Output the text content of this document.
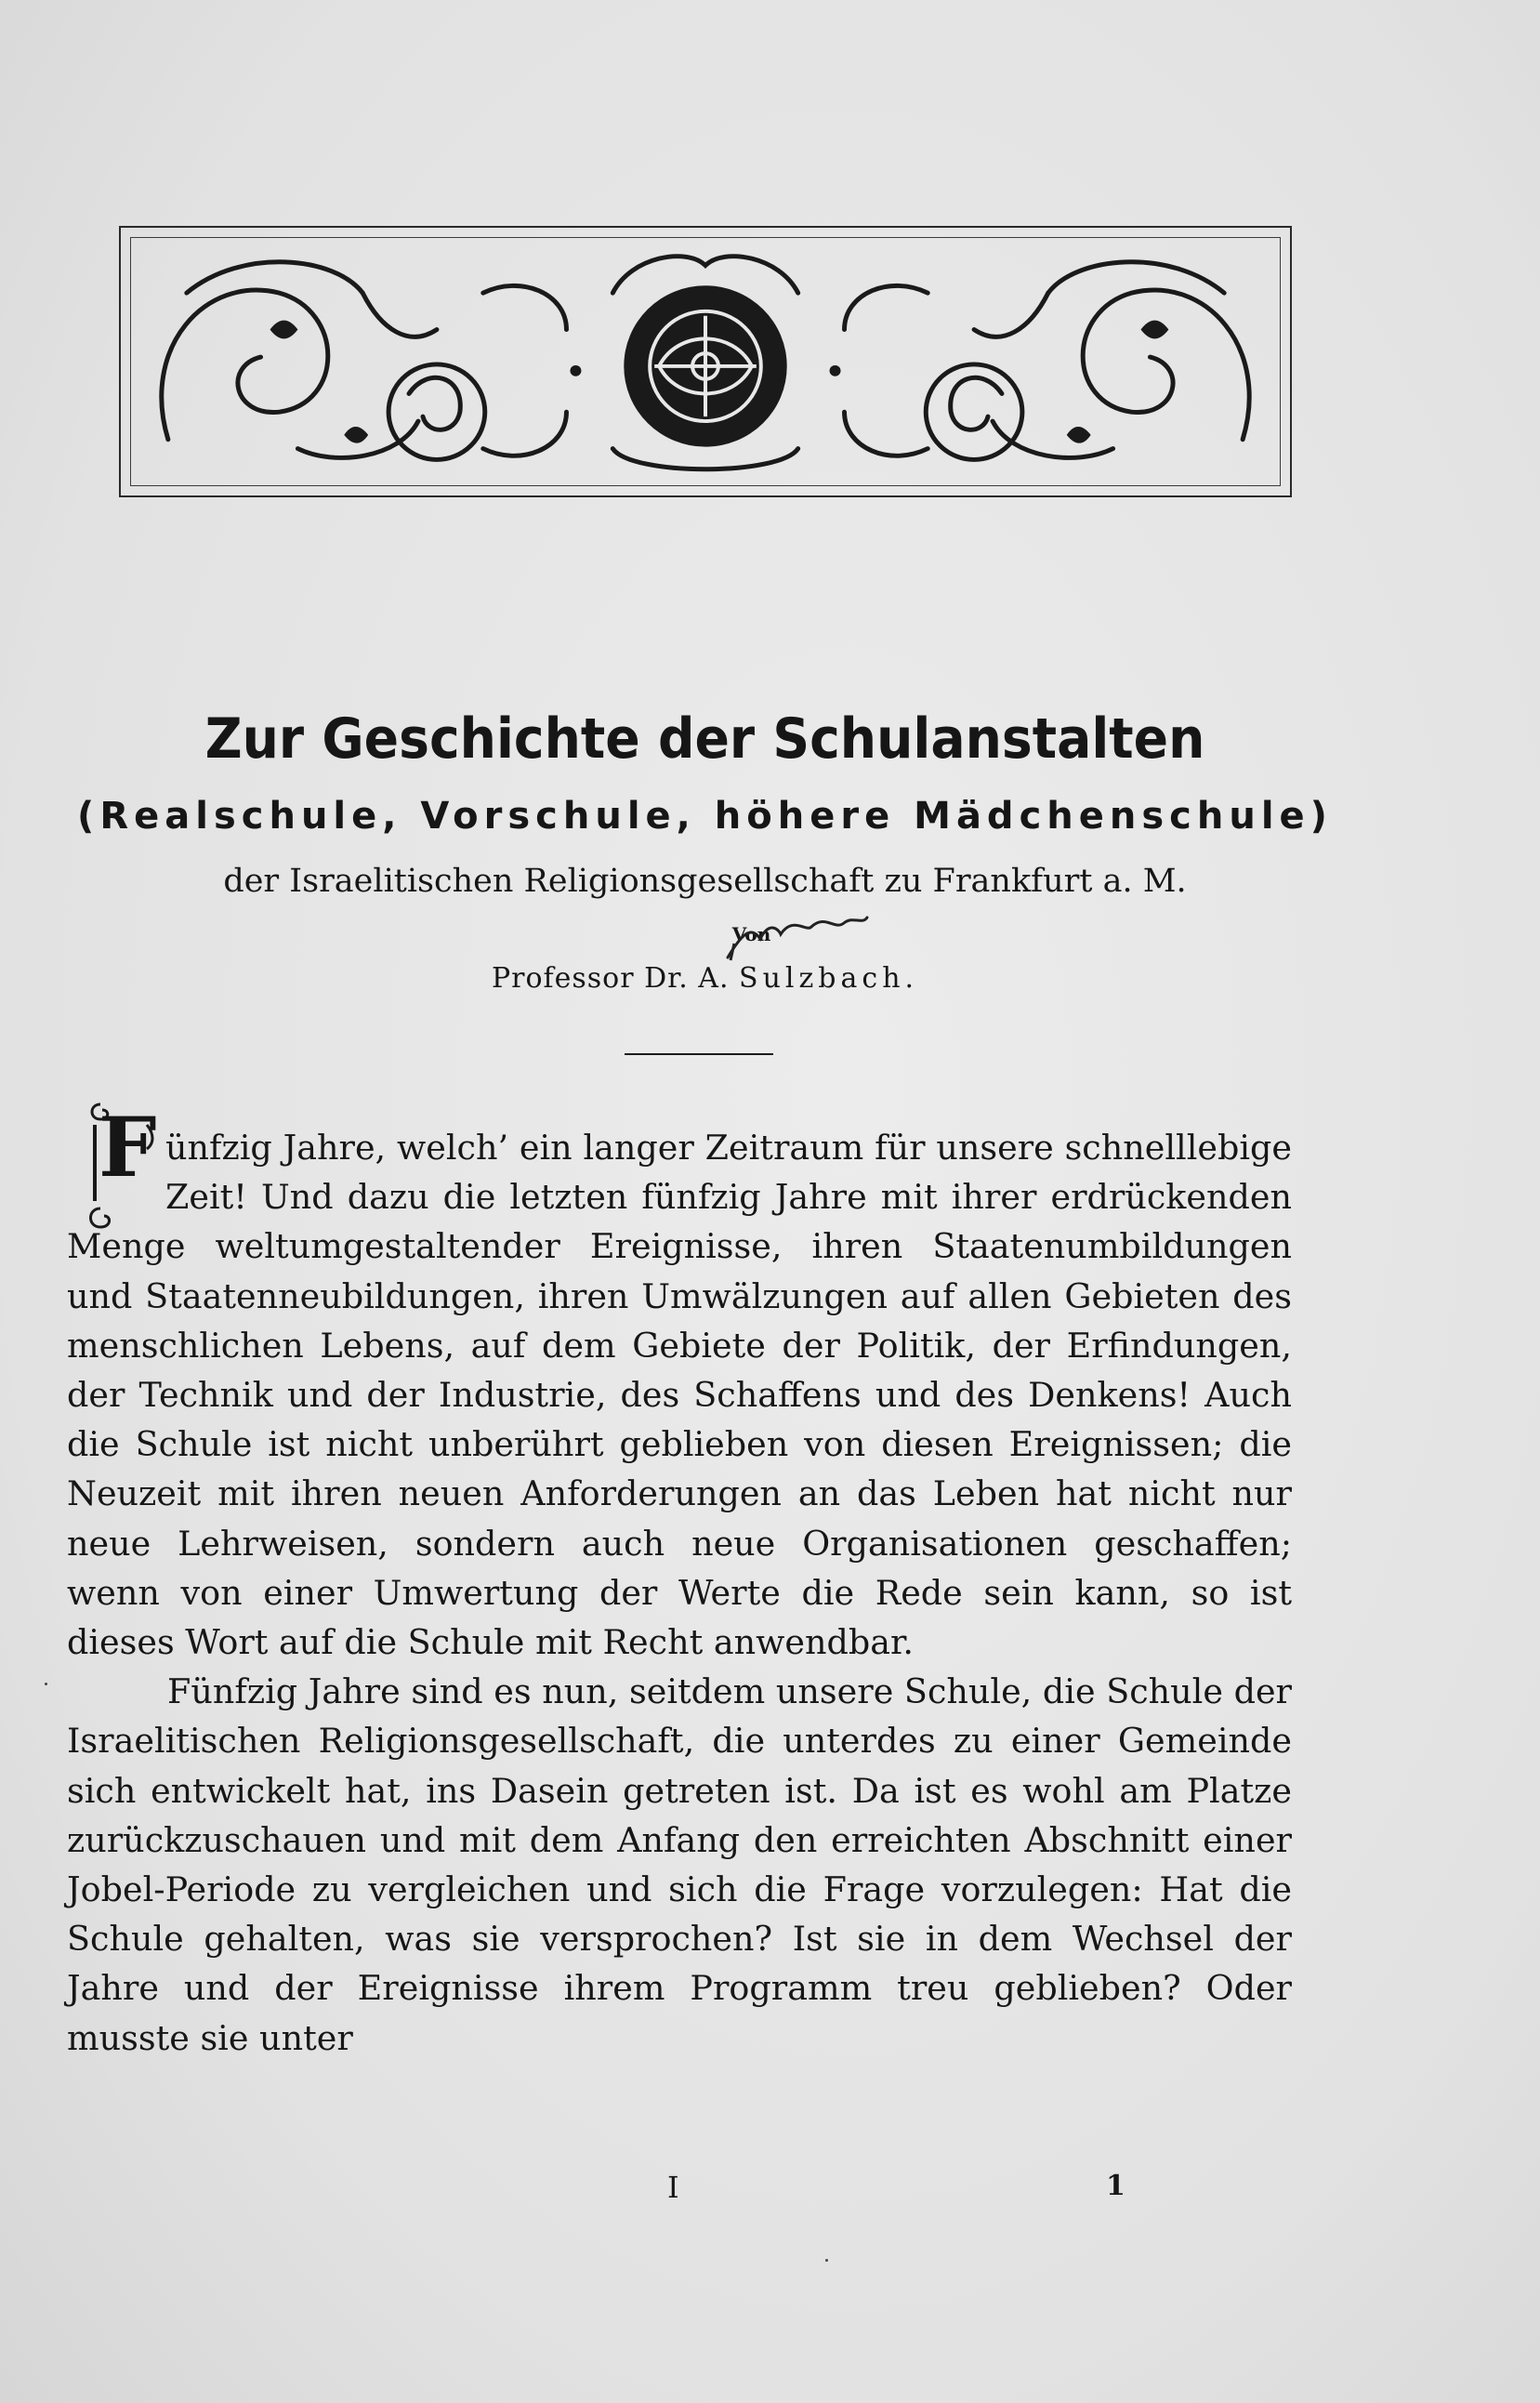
Zur Geschichte der Schulanstalten
(Realschule, Vorschule, höhere Mädchenschule)

der Israelitischen Religionsgesellschaft zu Frankfurt a. M.

Von

Professor Dr. A. Sulzbach.

F ünfzig Jahre, welch’ ein langer Zeitraum für unsere schnelllebige Zeit! Und dazu die letzten fünfzig Jahre mit ihrer erdrückenden Menge weltumgestaltender Ereignisse, ihren Staatenumbildungen und Staatenneubildungen, ihren Umwälzungen auf allen Gebieten des menschlichen Lebens, auf dem Gebiete der Politik, der Erfindungen, der Technik und der Industrie, des Schaffens und des Denkens! Auch die Schule ist nicht unberührt geblieben von diesen Ereignissen; die Neuzeit mit ihren neuen Anforderungen an das Leben hat nicht nur neue Lehrweisen, sondern auch neue Organisationen geschaffen; wenn von einer Umwertung der Werte die Rede sein kann, so ist dieses Wort auf die Schule mit Recht anwendbar.

Fünfzig Jahre sind es nun, seitdem unsere Schule, die Schule der Israelitischen Religionsgesellschaft, die unterdes zu einer Gemeinde sich entwickelt hat, ins Dasein getreten ist. Da ist es wohl am Platze zurückzuschauen und mit dem Anfang den erreichten Abschnitt einer Jobel-Periode zu vergleichen und sich die Frage vorzulegen: Hat die Schule gehalten, was sie versprochen? Ist sie in dem Wechsel der Jahre und der Ereignisse ihrem Programm treu geblieben? Oder musste sie unter

I	1
